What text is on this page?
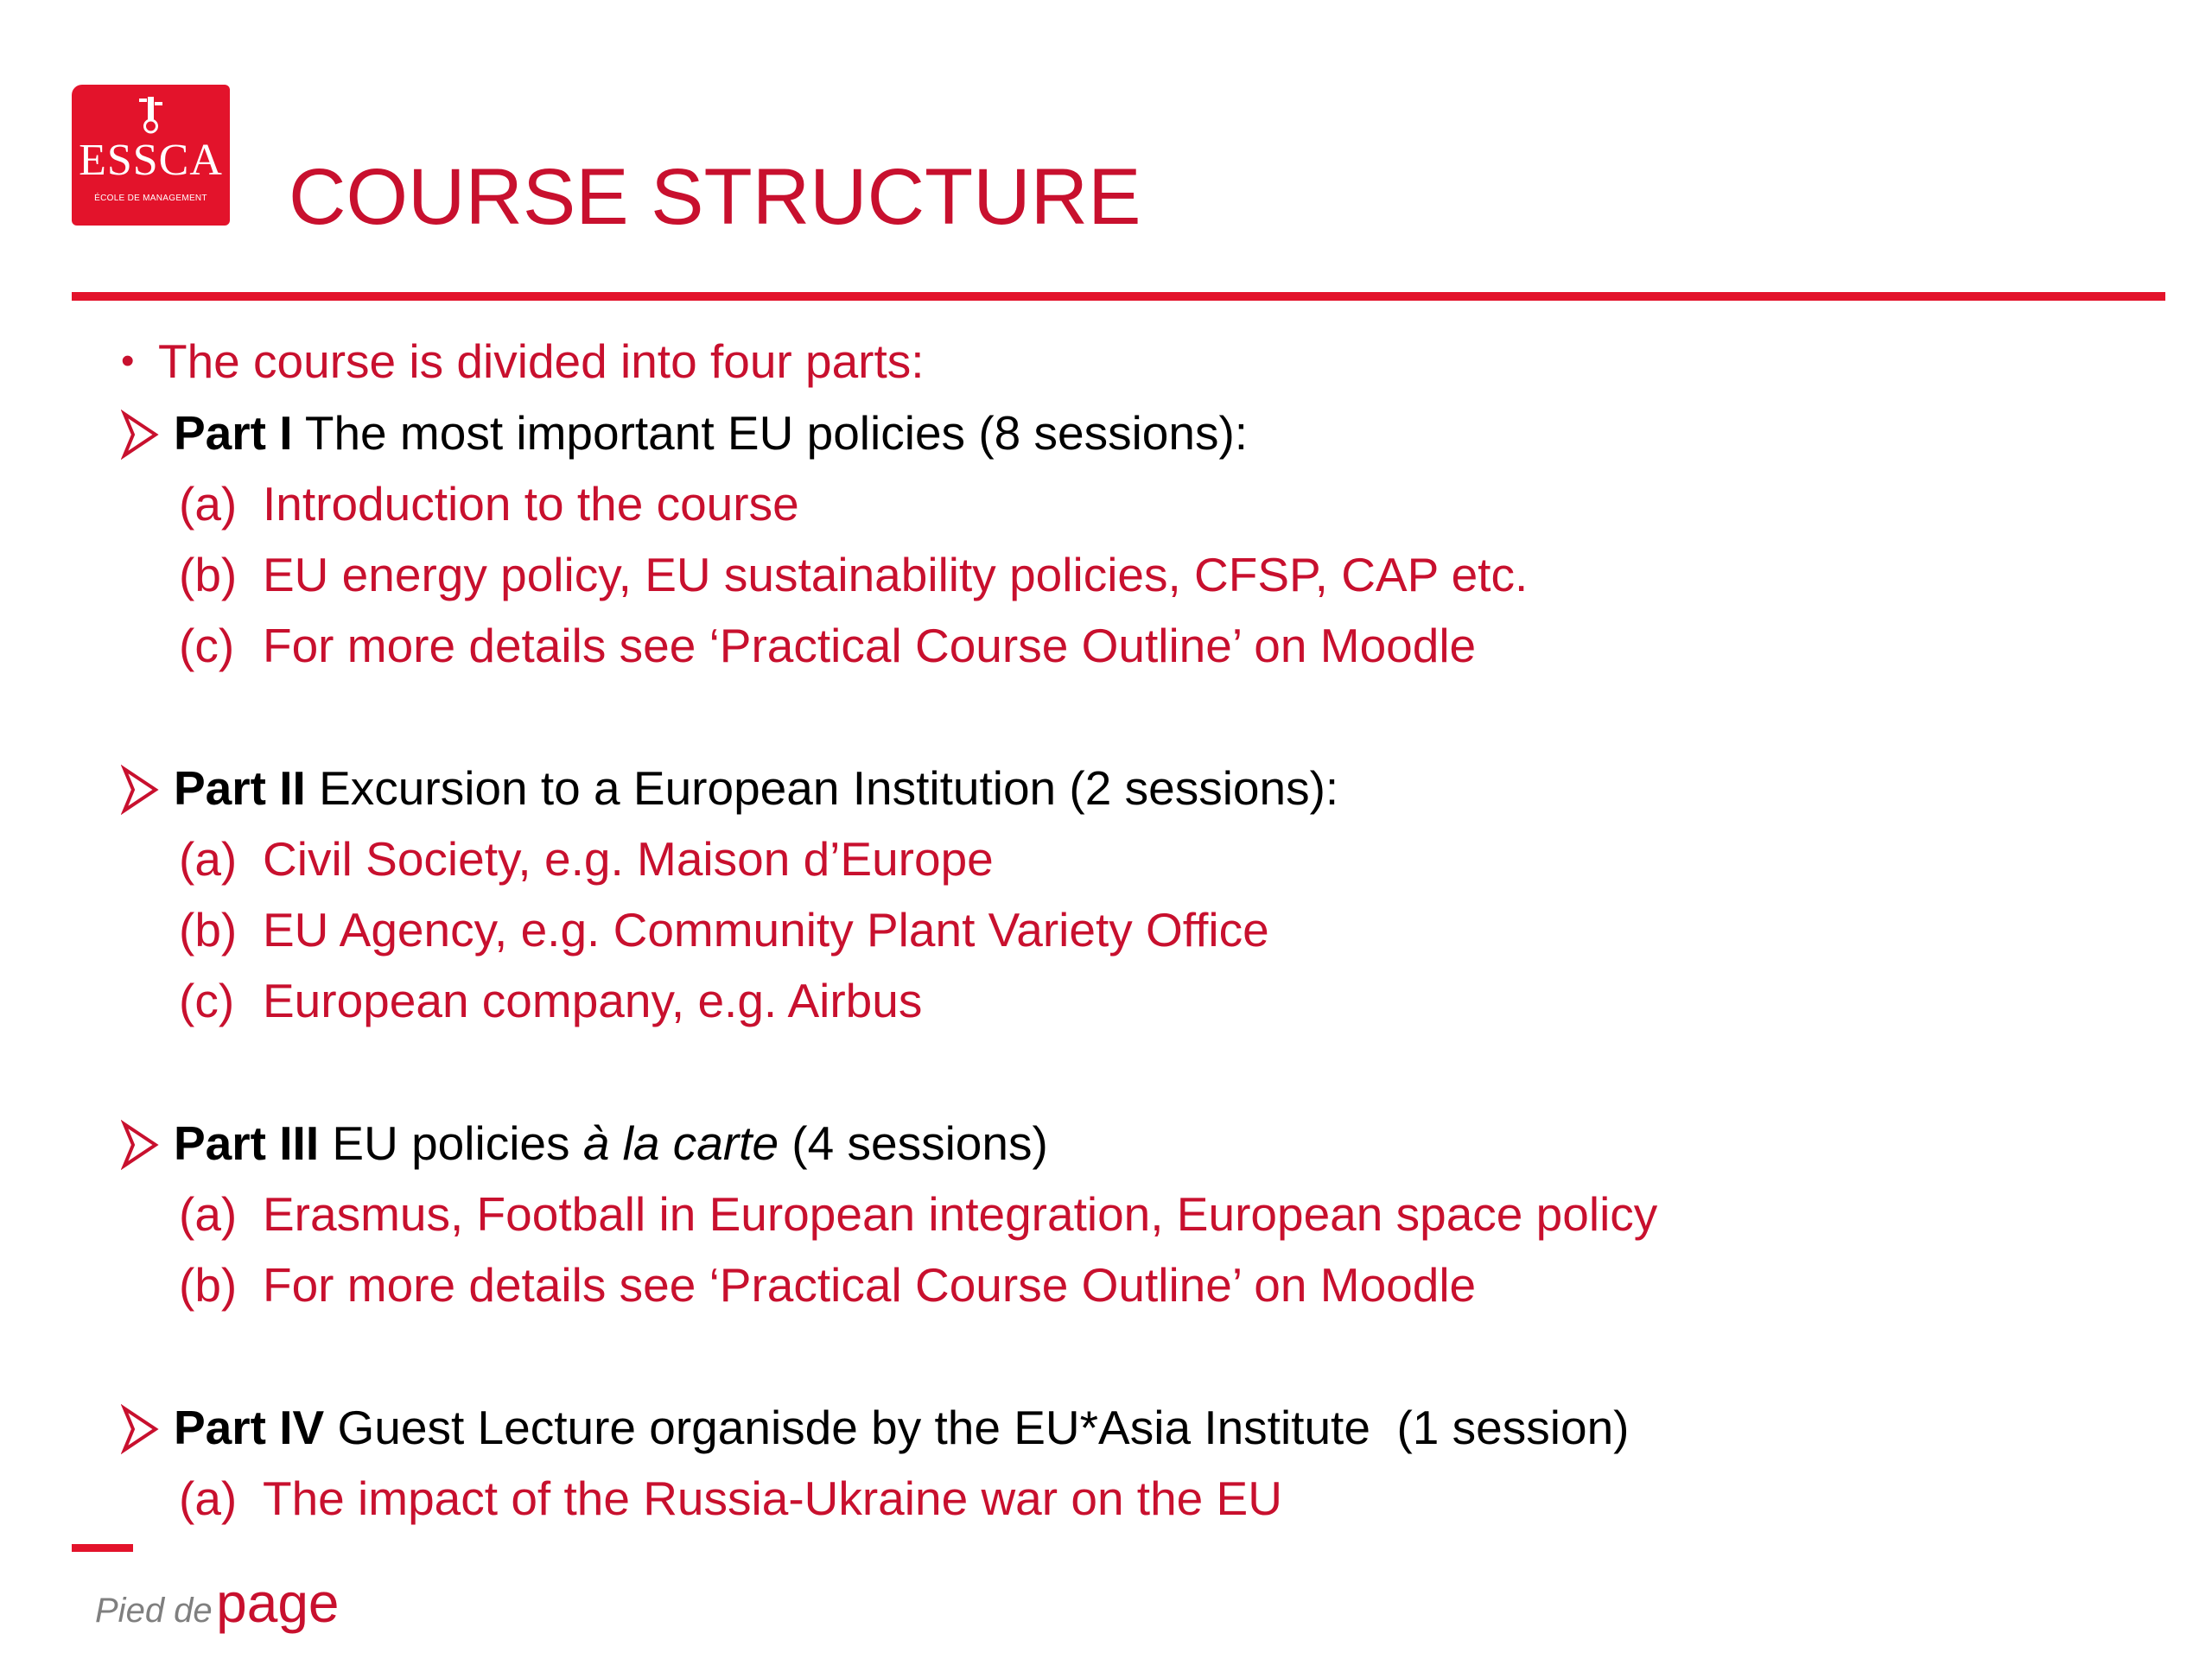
ESSCA
ÉCOLE DE MANAGEMENT COURSE STRUCTURE
• The course is divided into four parts:
Part I The most important EU policies (8 sessions):
(a) Introduction to the course
(b) EU energy policy, EU sustainability policies, CFSP, CAP etc.
(c) For more details see ‘Practical Course Outline’ on Moodle
Part II Excursion to a European Institution (2 sessions):
(a) Civil Society, e.g. Maison d’Europe
(b) EU Agency, e.g. Community Plant Variety Office
(c) European company, e.g. Airbus
Part III EU policies à la carte (4 sessions)
(a) Erasmus, Football in European integration, European space policy
(b) For more details see ‘Practical Course Outline’ on Moodle
Part IV Guest Lecture organisde by the EU*Asia Institute  (1 session)
(a) The impact of the Russia-Ukraine war on the EU
Pied de page
